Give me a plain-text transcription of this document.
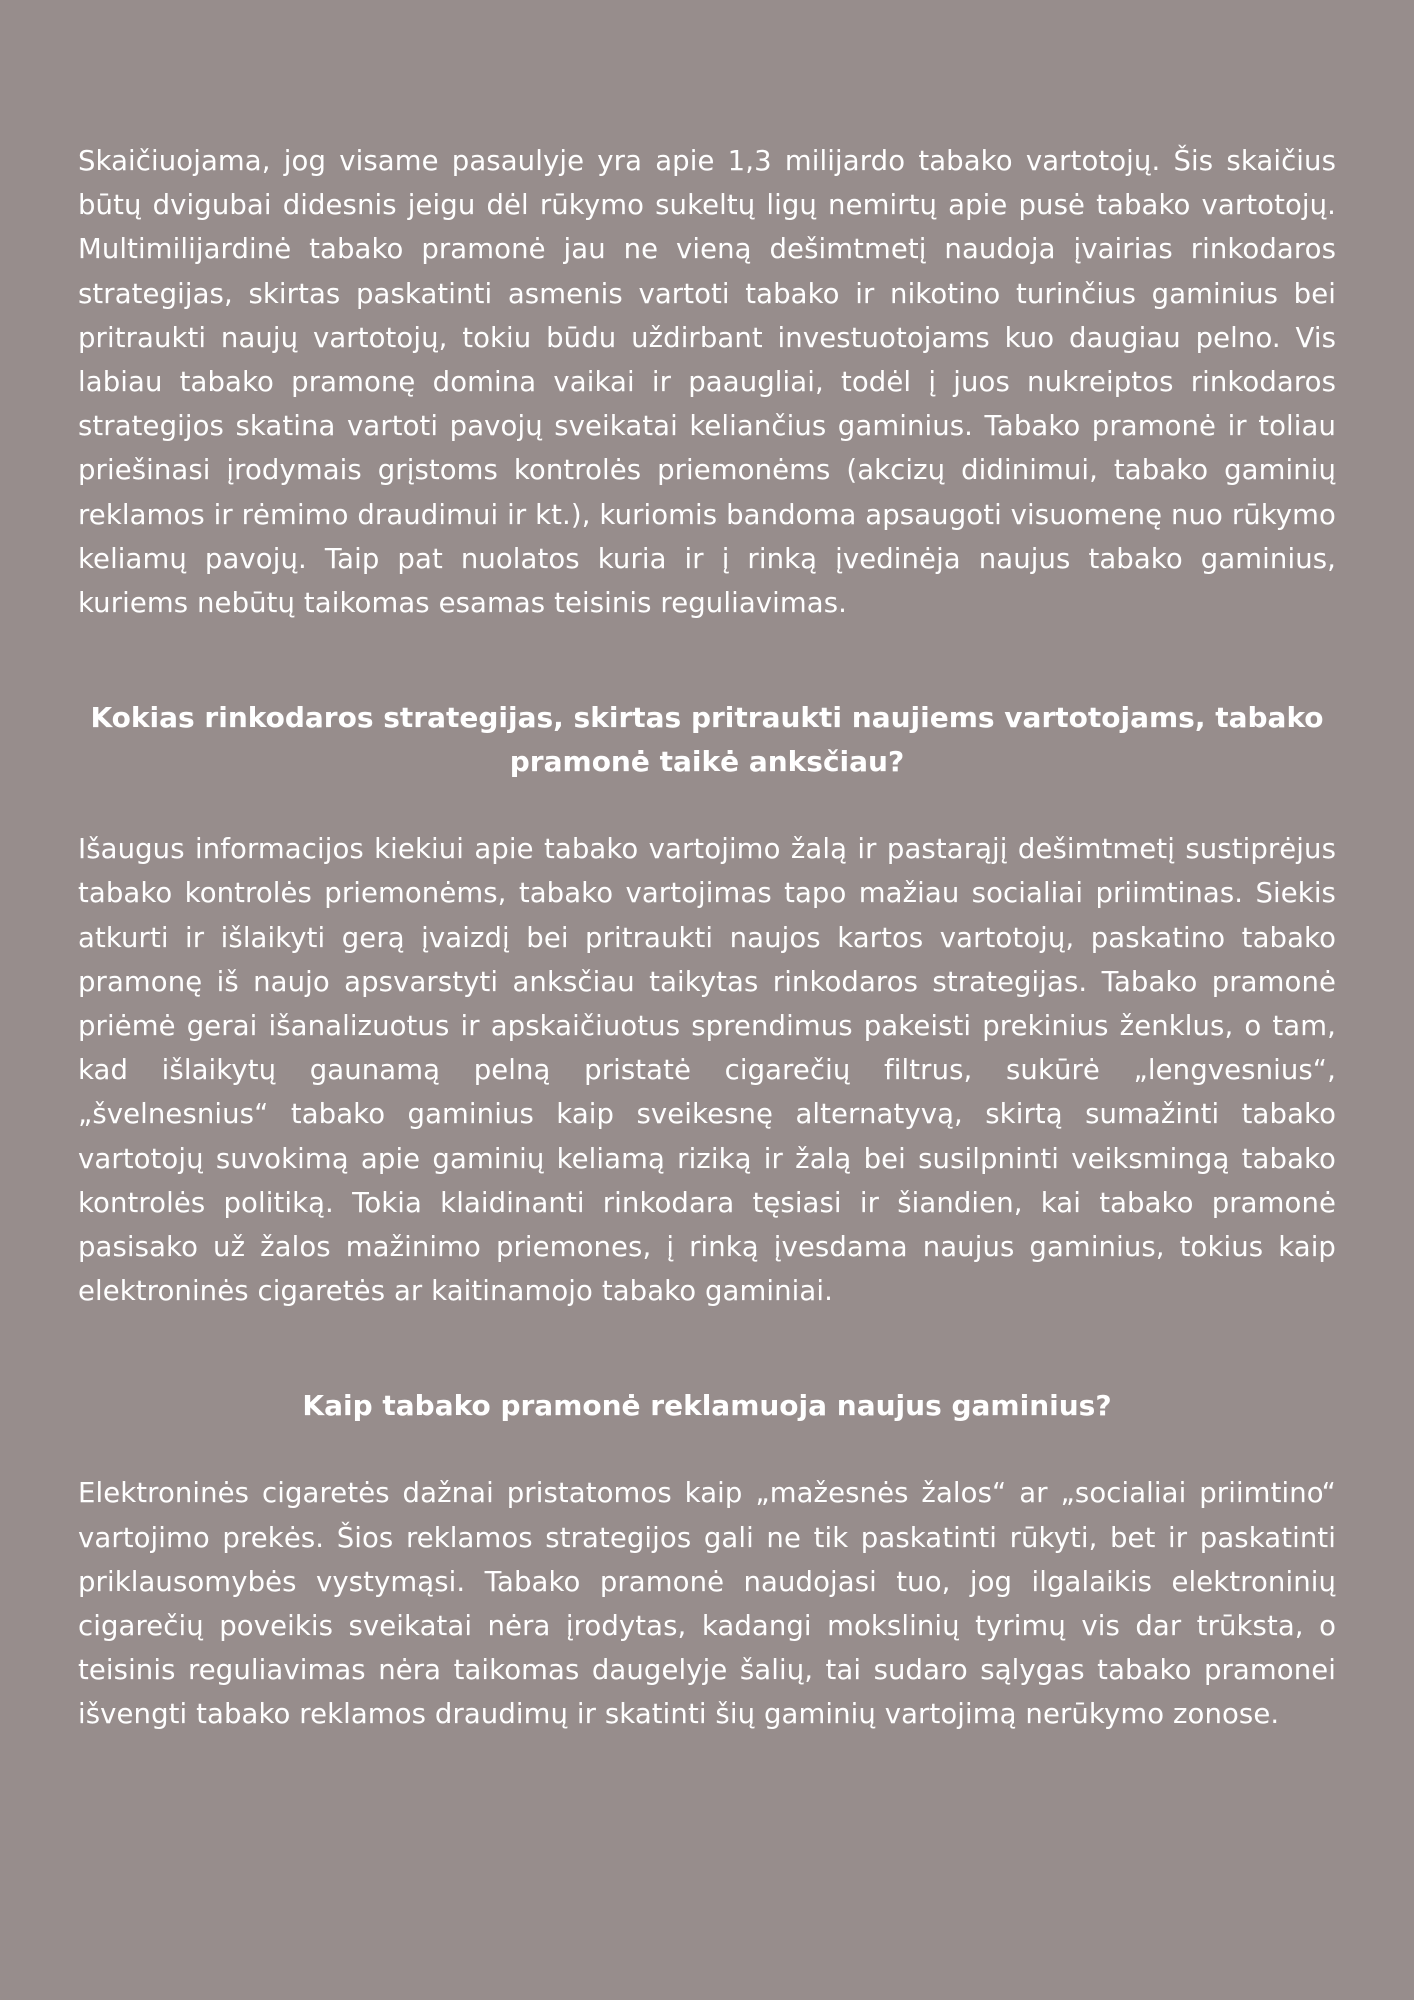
Skaičiuojama, jog visame pasaulyje yra apie 1,3 milijardo tabako vartotojų. Šis skaičius būtų dvigubai didesnis jeigu dėl rūkymo sukeltų ligų nemirtų apie pusė tabako vartotojų. Multimilijardinė tabako pramonė jau ne vieną dešimtmetį naudoja įvairias rinkodaros strategijas, skirtas paskatinti asmenis vartoti tabako ir nikotino turinčius gaminius bei pritraukti naujų vartotojų, tokiu būdu uždirbant investuotojams kuo daugiau pelno. Vis labiau tabako pramonę domina vaikai ir paaugliai, todėl į juos nukreiptos rinkodaros strategijos skatina vartoti pavojų sveikatai keliančius gaminius. Tabako pramonė ir toliau priešinasi įrodymais grįstoms kontrolės priemonėms (akcizų didinimui, tabako gaminių reklamos ir rėmimo draudimui ir kt.), kuriomis bandoma apsaugoti visuomenę nuo rūkymo keliamų pavojų. Taip pat nuolatos kuria ir į rinką įvedinėja naujus tabako gaminius, kuriems nebūtų taikomas esamas teisinis reguliavimas.

Kokias rinkodaros strategijas, skirtas pritraukti naujiems vartotojams, tabako pramonė taikė anksčiau?

Išaugus informacijos kiekiui apie tabako vartojimo žalą ir pastarąjį dešimtmetį sustiprėjus tabako kontrolės priemonėms, tabako vartojimas tapo mažiau socialiai priimtinas. Siekis atkurti ir išlaikyti gerą įvaizdį bei pritraukti naujos kartos vartotojų, paskatino tabako pramonę iš naujo apsvarstyti anksčiau taikytas rinkodaros strategijas. Tabako pramonė priėmė gerai išanalizuotus ir apskaičiuotus sprendimus pakeisti prekinius ženklus, o tam, kad išlaikytų gaunamą pelną pristatė cigarečių filtrus, sukūrė „lengvesnius“, „švelnesnius“ tabako gaminius kaip sveikesnę alternatyvą, skirtą sumažinti tabako vartotojų suvokimą apie gaminių keliamą riziką ir žalą bei susilpninti veiksmingą tabako kontrolės politiką. Tokia klaidinanti rinkodara tęsiasi ir šiandien, kai tabako pramonė pasisako už žalos mažinimo priemones, į rinką įvesdama naujus gaminius, tokius kaip elektroninės cigaretės ar kaitinamojo tabako gaminiai.

Kaip tabako pramonė reklamuoja naujus gaminius?

Elektroninės cigaretės dažnai pristatomos kaip „mažesnės žalos“ ar „socialiai priimtino“ vartojimo prekės. Šios reklamos strategijos gali ne tik paskatinti rūkyti, bet ir paskatinti priklausomybės vystymąsi. Tabako pramonė naudojasi tuo, jog ilgalaikis elektroninių cigarečių poveikis sveikatai nėra įrodytas, kadangi mokslinių tyrimų vis dar trūksta, o teisinis reguliavimas nėra taikomas daugelyje šalių, tai sudaro sąlygas tabako pramonei išvengti tabako reklamos draudimų ir skatinti šių gaminių vartojimą nerūkymo zonose.
